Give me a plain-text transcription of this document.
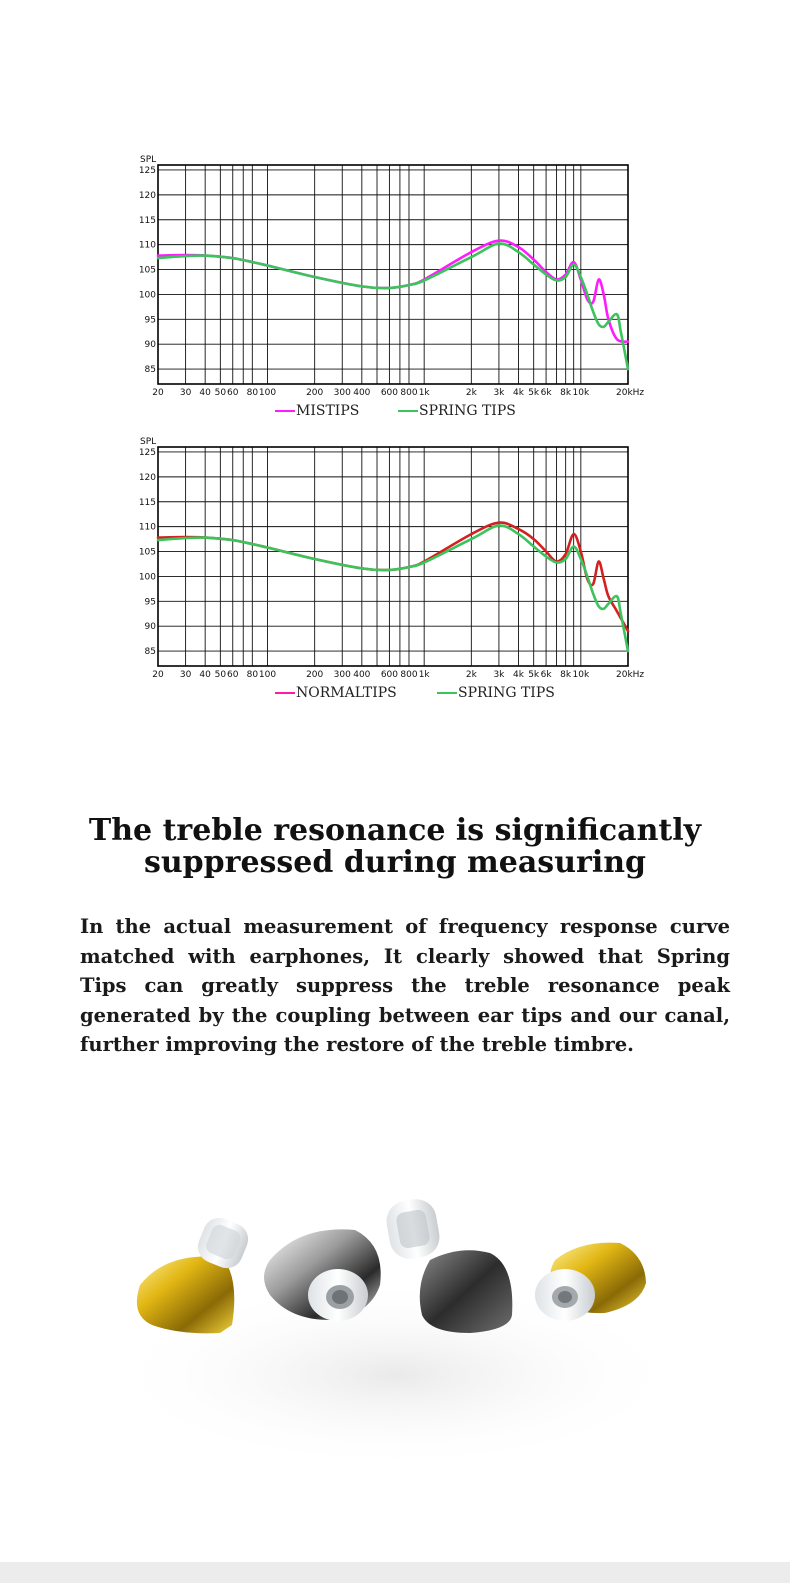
85
90
95
100
105
110
115
120
125
SPL
20 30 40 50 60 80 100	200 300 400 600 800 1k	2k 3k 4k 5k 6k 8k 10k	20kHz
MISTIPS	SPRING TIPS
85
90
95
100
105
110
115
120
125
SPL
20 30 40 50 60 80 100	200 300 400 600 800 1k	2k 3k 4k 5k 6k 8k 10k	20kHz
NORMALTIPS	SPRING TIPS
The treble resonance is significantly suppressed during measuring

In the actual measurement of frequency response curve matched with earphones, It clearly showed that Spring Tips can greatly suppress the treble resonance peak generated by the coupling between ear tips and our canal, further improving the restore of the treble timbre.
